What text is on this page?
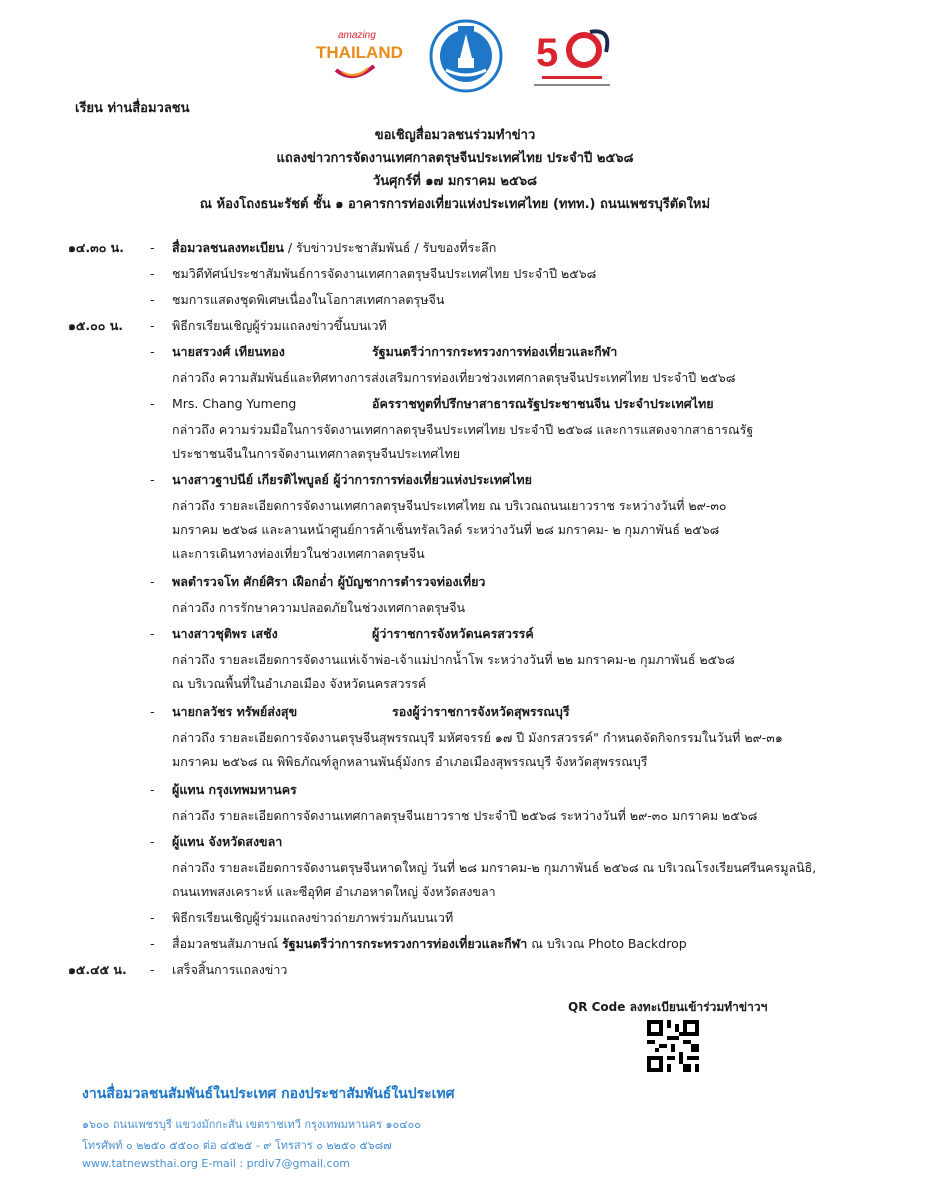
amazing
THAILAND	5
เรียน ท่านสื่อมวลชน
ขอเชิญสื่อมวลชนร่วมทำข่าว
แถลงข่าวการจัดงานเทศกาลตรุษจีนประเทศไทย ประจำปี ๒๕๖๘
วันศุกร์ที่ ๑๗ มกราคม ๒๕๖๘
ณ ห้องโถงธนะรัชต์ ชั้น ๑ อาคารการท่องเที่ยวแห่งประเทศไทย (ททท.) ถนนเพชรบุรีตัดใหม่
๑๔.๓๐ น.	- สื่อมวลชนลงทะเบียน / รับข่าวประชาสัมพันธ์ / รับของที่ระลึก
- ชมวิดีทัศน์ประชาสัมพันธ์การจัดงานเทศกาลตรุษจีนประเทศไทย ประจำปี ๒๕๖๘
- ชมการแสดงชุดพิเศษเนื่องในโอกาสเทศกาลตรุษจีน
๑๕.๐๐ น.	- พิธีกรเรียนเชิญผู้ร่วมแถลงข่าวขึ้นบนเวที
- นายสรวงศ์ เทียนทอง	รัฐมนตรีว่าการกระทรวงการท่องเที่ยวและกีฬา
กล่าวถึง ความสัมพันธ์และทิศทางการส่งเสริมการท่องเที่ยวช่วงเทศกาลตรุษจีนประเทศไทย ประจำปี ๒๕๖๘
- Mrs. Chang Yumeng	อัครราชทูตที่ปรึกษาสาธารณรัฐประชาชนจีน ประจำประเทศไทย
กล่าวถึง ความร่วมมือในการจัดงานเทศกาลตรุษจีนประเทศไทย ประจำปี ๒๕๖๘ และการแสดงจากสาธารณรัฐ
ประชาชนจีนในการจัดงานเทศกาลตรุษจีนประเทศไทย
- นางสาวฐาปนีย์ เกียรติไพบูลย์ ผู้ว่าการการท่องเที่ยวแห่งประเทศไทย
กล่าวถึง รายละเอียดการจัดงานเทศกาลตรุษจีนประเทศไทย ณ บริเวณถนนเยาวราช ระหว่างวันที่ ๒๙-๓๐
มกราคม ๒๕๖๘ และลานหน้าศูนย์การค้าเซ็นทรัลเวิลด์ ระหว่างวันที่ ๒๘ มกราคม- ๒ กุมภาพันธ์ ๒๕๖๘
และการเดินทางท่องเที่ยวในช่วงเทศกาลตรุษจีน
- พลตำรวจโท ศักย์ศิรา เฝือกอ่ำ ผู้บัญชาการตำรวจท่องเที่ยว
กล่าวถึง การรักษาความปลอดภัยในช่วงเทศกาลตรุษจีน
- นางสาวชุติพร เสชัง	ผู้ว่าราชการจังหวัดนครสวรรค์
กล่าวถึง รายละเอียดการจัดงานแห่เจ้าพ่อ-เจ้าแม่ปากน้ำโพ ระหว่างวันที่ ๒๒ มกราคม-๒ กุมภาพันธ์ ๒๕๖๘
ณ บริเวณพื้นที่ในอำเภอเมือง จังหวัดนครสวรรค์
- นายกลวัชร ทรัพย์ส่งสุข	รองผู้ว่าราชการจังหวัดสุพรรณบุรี
กล่าวถึง รายละเอียดการจัดงานตรุษจีนสุพรรณบุรี มหัศจรรย์ ๑๗ ปี มังกรสวรรค์" กำหนดจัดกิจกรรมในวันที่ ๒๙-๓๑
มกราคม ๒๕๖๘ ณ พิพิธภัณฑ์ลูกหลานพันธุ์มังกร อำเภอเมืองสุพรรณบุรี จังหวัดสุพรรณบุรี
- ผู้แทน กรุงเทพมหานคร
กล่าวถึง รายละเอียดการจัดงานเทศกาลตรุษจีนเยาวราช ประจำปี ๒๕๖๘ ระหว่างวันที่ ๒๙-๓๐ มกราคม ๒๕๖๘
- ผู้แทน จังหวัดสงขลา
กล่าวถึง รายละเอียดการจัดงานตรุษจีนหาดใหญ่ วันที่ ๒๘ มกราคม-๒ กุมภาพันธ์ ๒๕๖๘ ณ บริเวณโรงเรียนศรีนครมูลนิธิ,
ถนนเทพสงเคราะห์ และซีอุทิศ อำเภอหาดใหญ่ จังหวัดสงขลา
- พิธีกรเรียนเชิญผู้ร่วมแถลงข่าวถ่ายภาพร่วมกันบนเวที
- สื่อมวลชนสัมภาษณ์ รัฐมนตรีว่าการกระทรวงการท่องเที่ยวและกีฬา ณ บริเวณ Photo Backdrop
๑๕.๔๕ น.	- เสร็จสิ้นการแถลงข่าว
QR Code ลงทะเบียนเข้าร่วมทำข่าวฯ
งานสื่อมวลชนสัมพันธ์ในประเทศ กองประชาสัมพันธ์ในประเทศ
๑๖๐๐ ถนนเพชรบุรี แขวงมักกะสัน เขตราชเทวี กรุงเทพมหานคร ๑๐๔๐๐
โทรศัพท์ ๐ ๒๒๕๐ ๕๕๐๐ ต่อ ๔๕๒๕ - ๙ โทรสาร ๐ ๒๒๕๐ ๕๖๘๗
www.tatnewsthai.org E-mail : prdiv7@gmail.com
